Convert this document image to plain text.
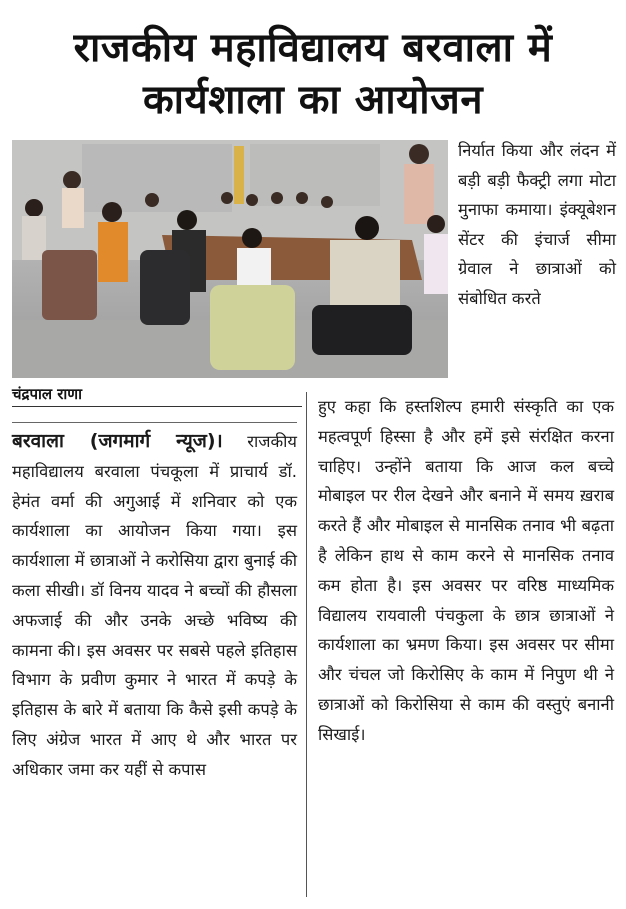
राजकीय महाविद्यालय बरवाला में
कार्यशाला का आयोजन
चंद्रपाल राणा

निर्यात किया और लंदन में बड़ी बड़ी फैक्ट्री लगा मोटा मुनाफा कमाया। इंक्यूबेशन सेंटर की इंचार्ज सीमा ग्रेवाल ने छात्राओं को संबोधित करते

बरवाला (जगमार्ग न्यूज)। राजकीय महाविद्यालय बरवाला पंचकूला में प्राचार्य डॉ. हेमंत वर्मा की अगुआई में शनिवार को एक कार्यशाला का आयोजन किया गया। इस कार्यशाला में छात्राओं ने करोसिया द्वारा बुनाई की कला सीखी। डॉ विनय यादव ने बच्चों की हौसला अफजाई की और उनके अच्छे भविष्य की कामना की। इस अवसर पर सबसे पहले इतिहास विभाग के प्रवीण कुमार ने भारत में कपड़े के इतिहास के बारे में बताया कि कैसे इसी कपड़े के लिए अंग्रेज भारत में आए थे और भारत पर अधिकार जमा कर यहीं से कपास

हुए कहा कि हस्तशिल्प हमारी संस्कृति का एक महत्वपूर्ण हिस्सा है और हमें इसे संरक्षित करना चाहिए। उन्होंने बताया कि आज कल बच्चे मोबाइल पर रील देखने और बनाने में समय ख़राब करते हैं और मोबाइल से मानसिक तनाव भी बढ़ता है लेकिन हाथ से काम करने से मानसिक तनाव कम होता है। इस अवसर पर वरिष्ठ माध्यमिक विद्यालय रायवाली पंचकुला के छात्र छात्राओं ने कार्यशाला का भ्रमण किया। इस अवसर पर सीमा और चंचल जो किरोसिए के काम में निपुण थी ने छात्राओं को किरोसिया से काम की वस्तुएं बनानी सिखाई।
